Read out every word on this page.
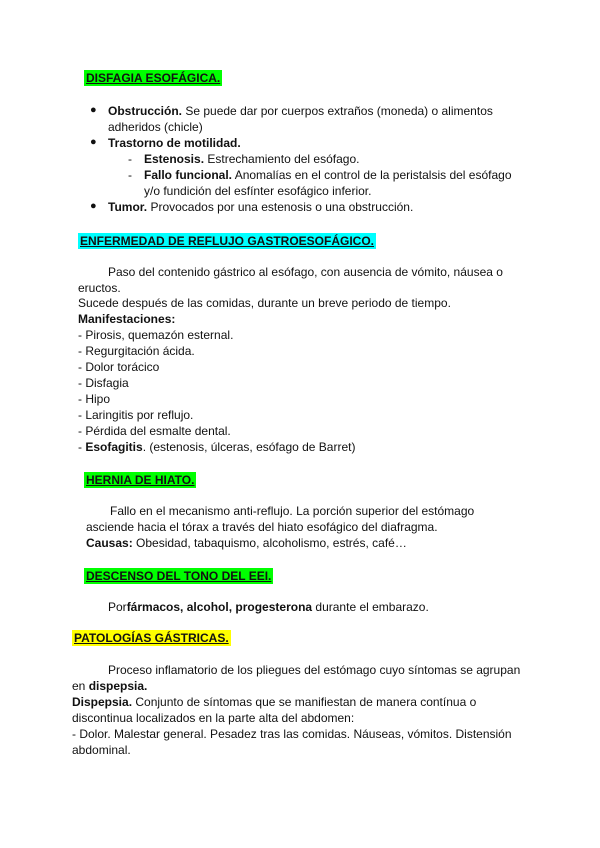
DISFAGIA ESOFÁGICA.
● Obstrucción. Se puede dar por cuerpos extraños (moneda) o alimentos
adheridos (chicle)
● Trastorno de motilidad.
- Estenosis. Estrechamiento del esófago.
- Fallo funcional. Anomalías en el control de la peristalsis del esófago
y/o fundición del esfínter esofágico inferior.
● Tumor. Provocados por una estenosis o una obstrucción.
ENFERMEDAD DE REFLUJO GASTROESOFÁGICO.
Paso del contenido gástrico al esófago, con ausencia de vómito, náusea o
eructos.
Sucede después de las comidas, durante un breve periodo de tiempo.
Manifestaciones:
- Pirosis, quemazón esternal.
- Regurgitación ácida.
- Dolor torácico
- Disfagia
- Hipo
- Laringitis por reflujo.
- Pérdida del esmalte dental.
- Esofagitis. (estenosis, úlceras, esófago de Barret)
HERNIA DE HIATO.
Fallo en el mecanismo anti-reflujo. La porción superior del estómago
asciende hacia el tórax a través del hiato esofágico del diafragma.
Causas: Obesidad, tabaquismo, alcoholismo, estrés, café…
DESCENSO DEL TONO DEL EEI.
Porfármacos, alcohol, progesterona durante el embarazo.
PATOLOGÍAS GÁSTRICAS.
Proceso inflamatorio de los pliegues del estómago cuyo síntomas se agrupan
en dispepsia.
Dispepsia. Conjunto de síntomas que se manifiestan de manera contínua o
discontinua localizados en la parte alta del abdomen:
- Dolor. Malestar general. Pesadez tras las comidas. Náuseas, vómitos. Distensión
abdominal.
